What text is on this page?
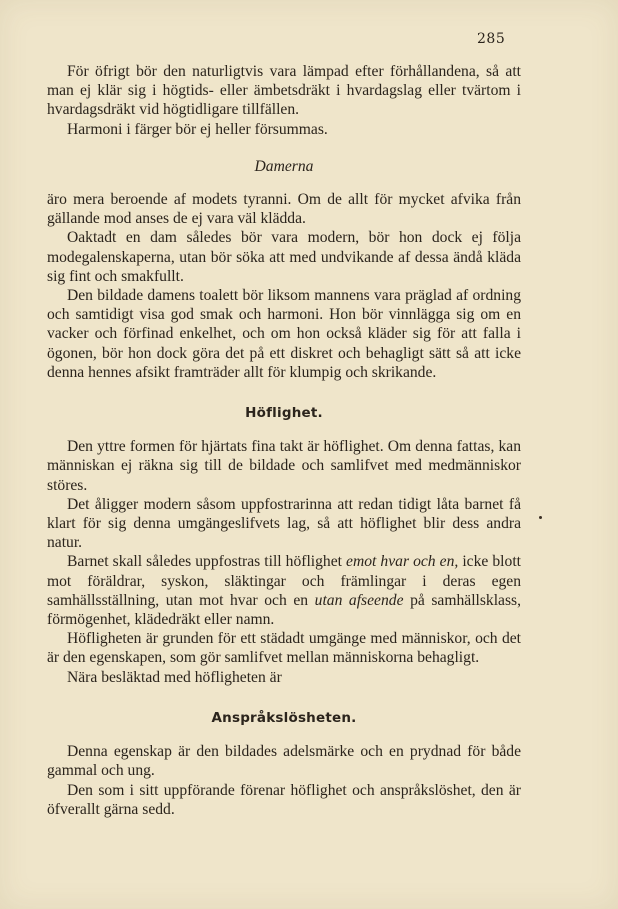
285

För öfrigt bör den naturligtvis vara lämpad efter förhållandena, så att man ej klär sig i högtids- eller ämbetsdräkt i hvardagslag eller tvärtom i hvardagsdräkt vid högtidligare tillfällen.

Harmoni i färger bör ej heller försummas.

Damerna

äro mera beroende af modets tyranni. Om de allt för mycket afvika från gällande mod anses de ej vara väl klädda.

Oaktadt en dam således bör vara modern, bör hon dock ej följa modegalenskaperna, utan bör söka att med undvikande af dessa ändå kläda sig fint och smakfullt.

Den bildade damens toalett bör liksom mannens vara präglad af ordning och samtidigt visa god smak och harmoni. Hon bör vinnlägga sig om en vacker och förfinad enkelhet, och om hon också kläder sig för att falla i ögonen, bör hon dock göra det på ett diskret och behagligt sätt så att icke denna hennes afsikt framträder allt för klumpig och skrikande.

Höflighet.

Den yttre formen för hjärtats fina takt är höflighet. Om denna fattas, kan människan ej räkna sig till de bildade och samlifvet med medmänniskor störes.

Det åligger modern såsom uppfostrarinna att redan tidigt låta barnet få klart för sig denna umgängeslifvets lag, så att höflighet blir dess andra natur.

Barnet skall således uppfostras till höflighet emot hvar och en, icke blott mot föräldrar, syskon, släktingar och främlingar i deras egen samhällsställning, utan mot hvar och en utan afseende på samhällsklass, förmögenhet, klädedräkt eller namn.

Höfligheten är grunden för ett städadt umgänge med människor, och det är den egenskapen, som gör samlifvet mellan människorna behagligt.

Nära besläktad med höfligheten är

Anspråkslösheten.

Denna egenskap är den bildades adelsmärke och en prydnad för både gammal och ung.

Den som i sitt uppförande förenar höflighet och anspråkslöshet, den är öfverallt gärna sedd.
